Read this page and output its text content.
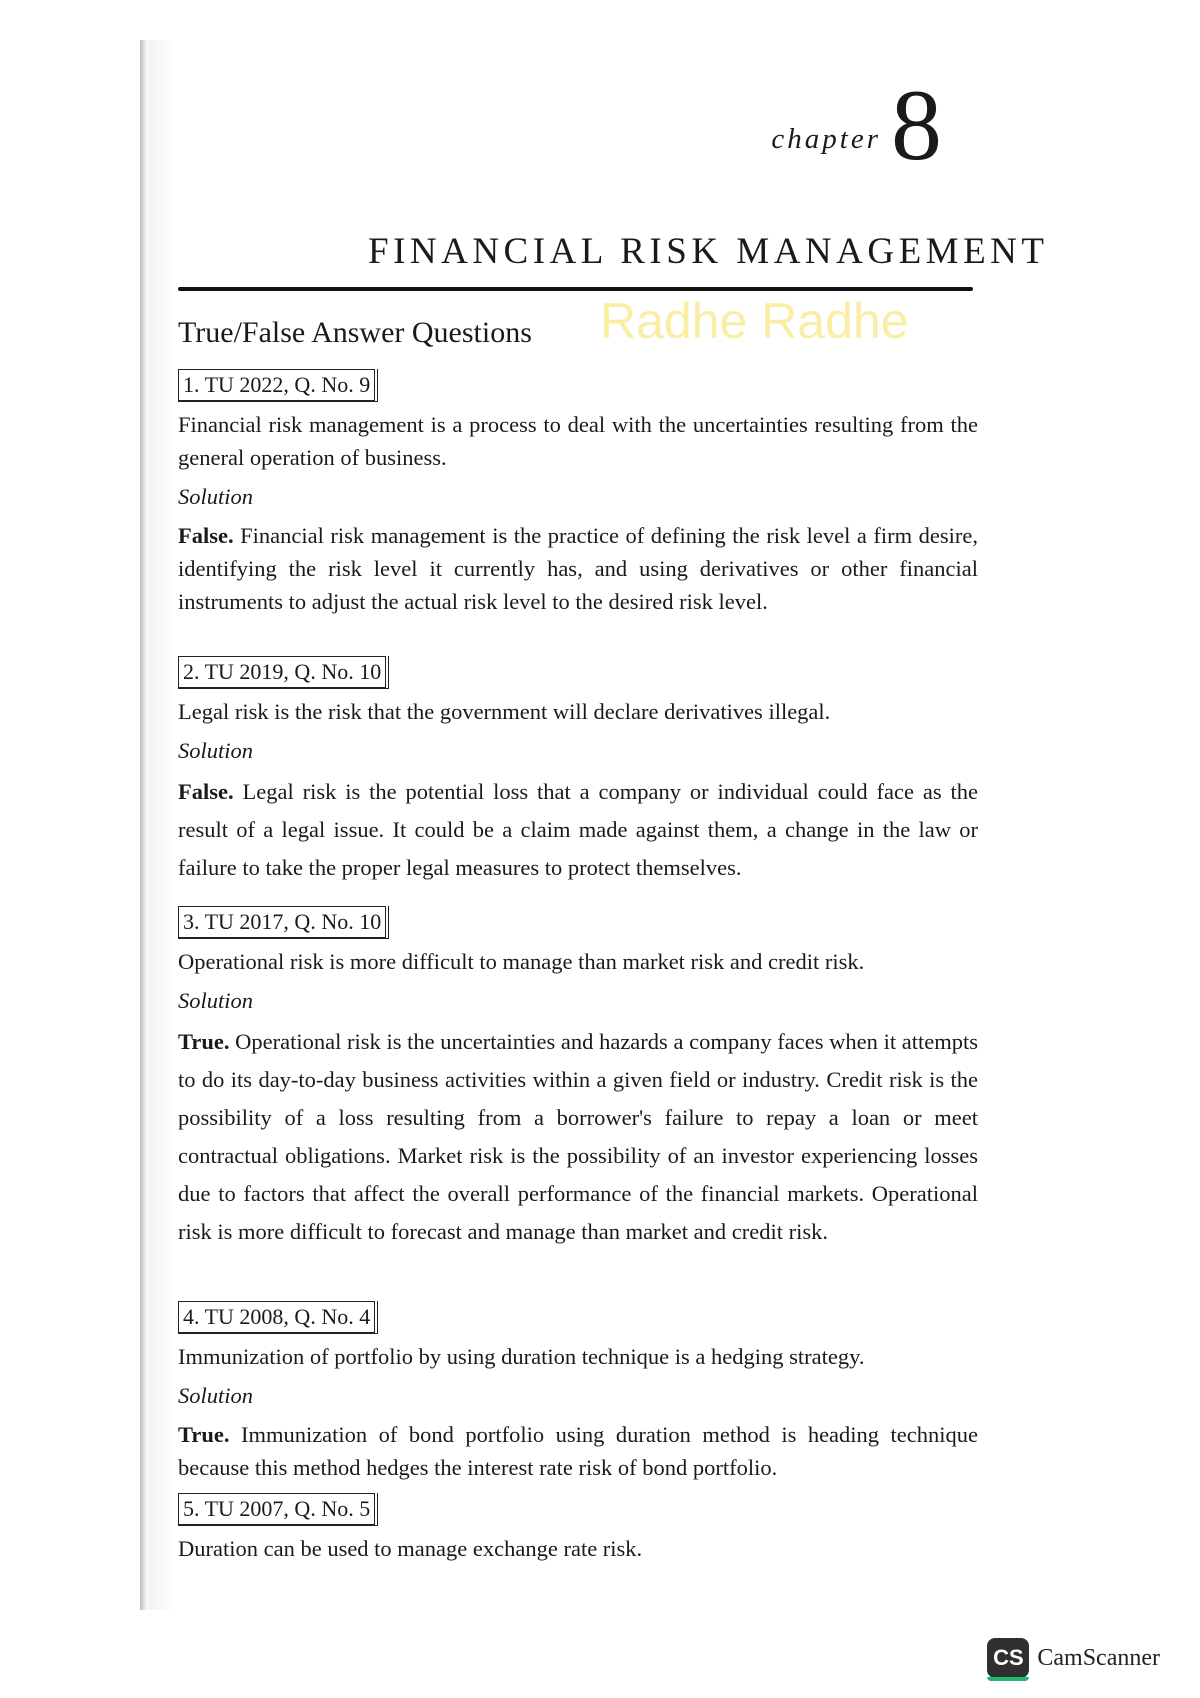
chapter 8
FINANCIAL RISK MANAGEMENT
True/False Answer Questions Radhe Radhe
1. TU 2022, Q. No. 9
Financial risk management is a process to deal with the uncertainties resulting from the general operation of business.
Solution
False. Financial risk management is the practice of defining the risk level a firm desire, identifying the risk level it currently has, and using derivatives or other financial instruments to adjust the actual risk level to the desired risk level.
2. TU 2019, Q. No. 10
Legal risk is the risk that the government will declare derivatives illegal.
Solution
False. Legal risk is the potential loss that a company or individual could face as the result of a legal issue. It could be a claim made against them, a change in the law or failure to take the proper legal measures to protect themselves.
3. TU 2017, Q. No. 10
Operational risk is more difficult to manage than market risk and credit risk.
Solution
True. Operational risk is the uncertainties and hazards a company faces when it attempts to do its day-to-day business activities within a given field or industry. Credit risk is the possibility of a loss resulting from a borrower's failure to repay a loan or meet contractual obligations. Market risk is the possibility of an investor experiencing losses due to factors that affect the overall performance of the financial markets. Operational risk is more difficult to forecast and manage than market and credit risk.
4. TU 2008, Q. No. 4
Immunization of portfolio by using duration technique is a hedging strategy.
Solution
True. Immunization of bond portfolio using duration method is heading technique because this method hedges the interest rate risk of bond portfolio.
5. TU 2007, Q. No. 5
Duration can be used to manage exchange rate risk.
CS CamScanner
